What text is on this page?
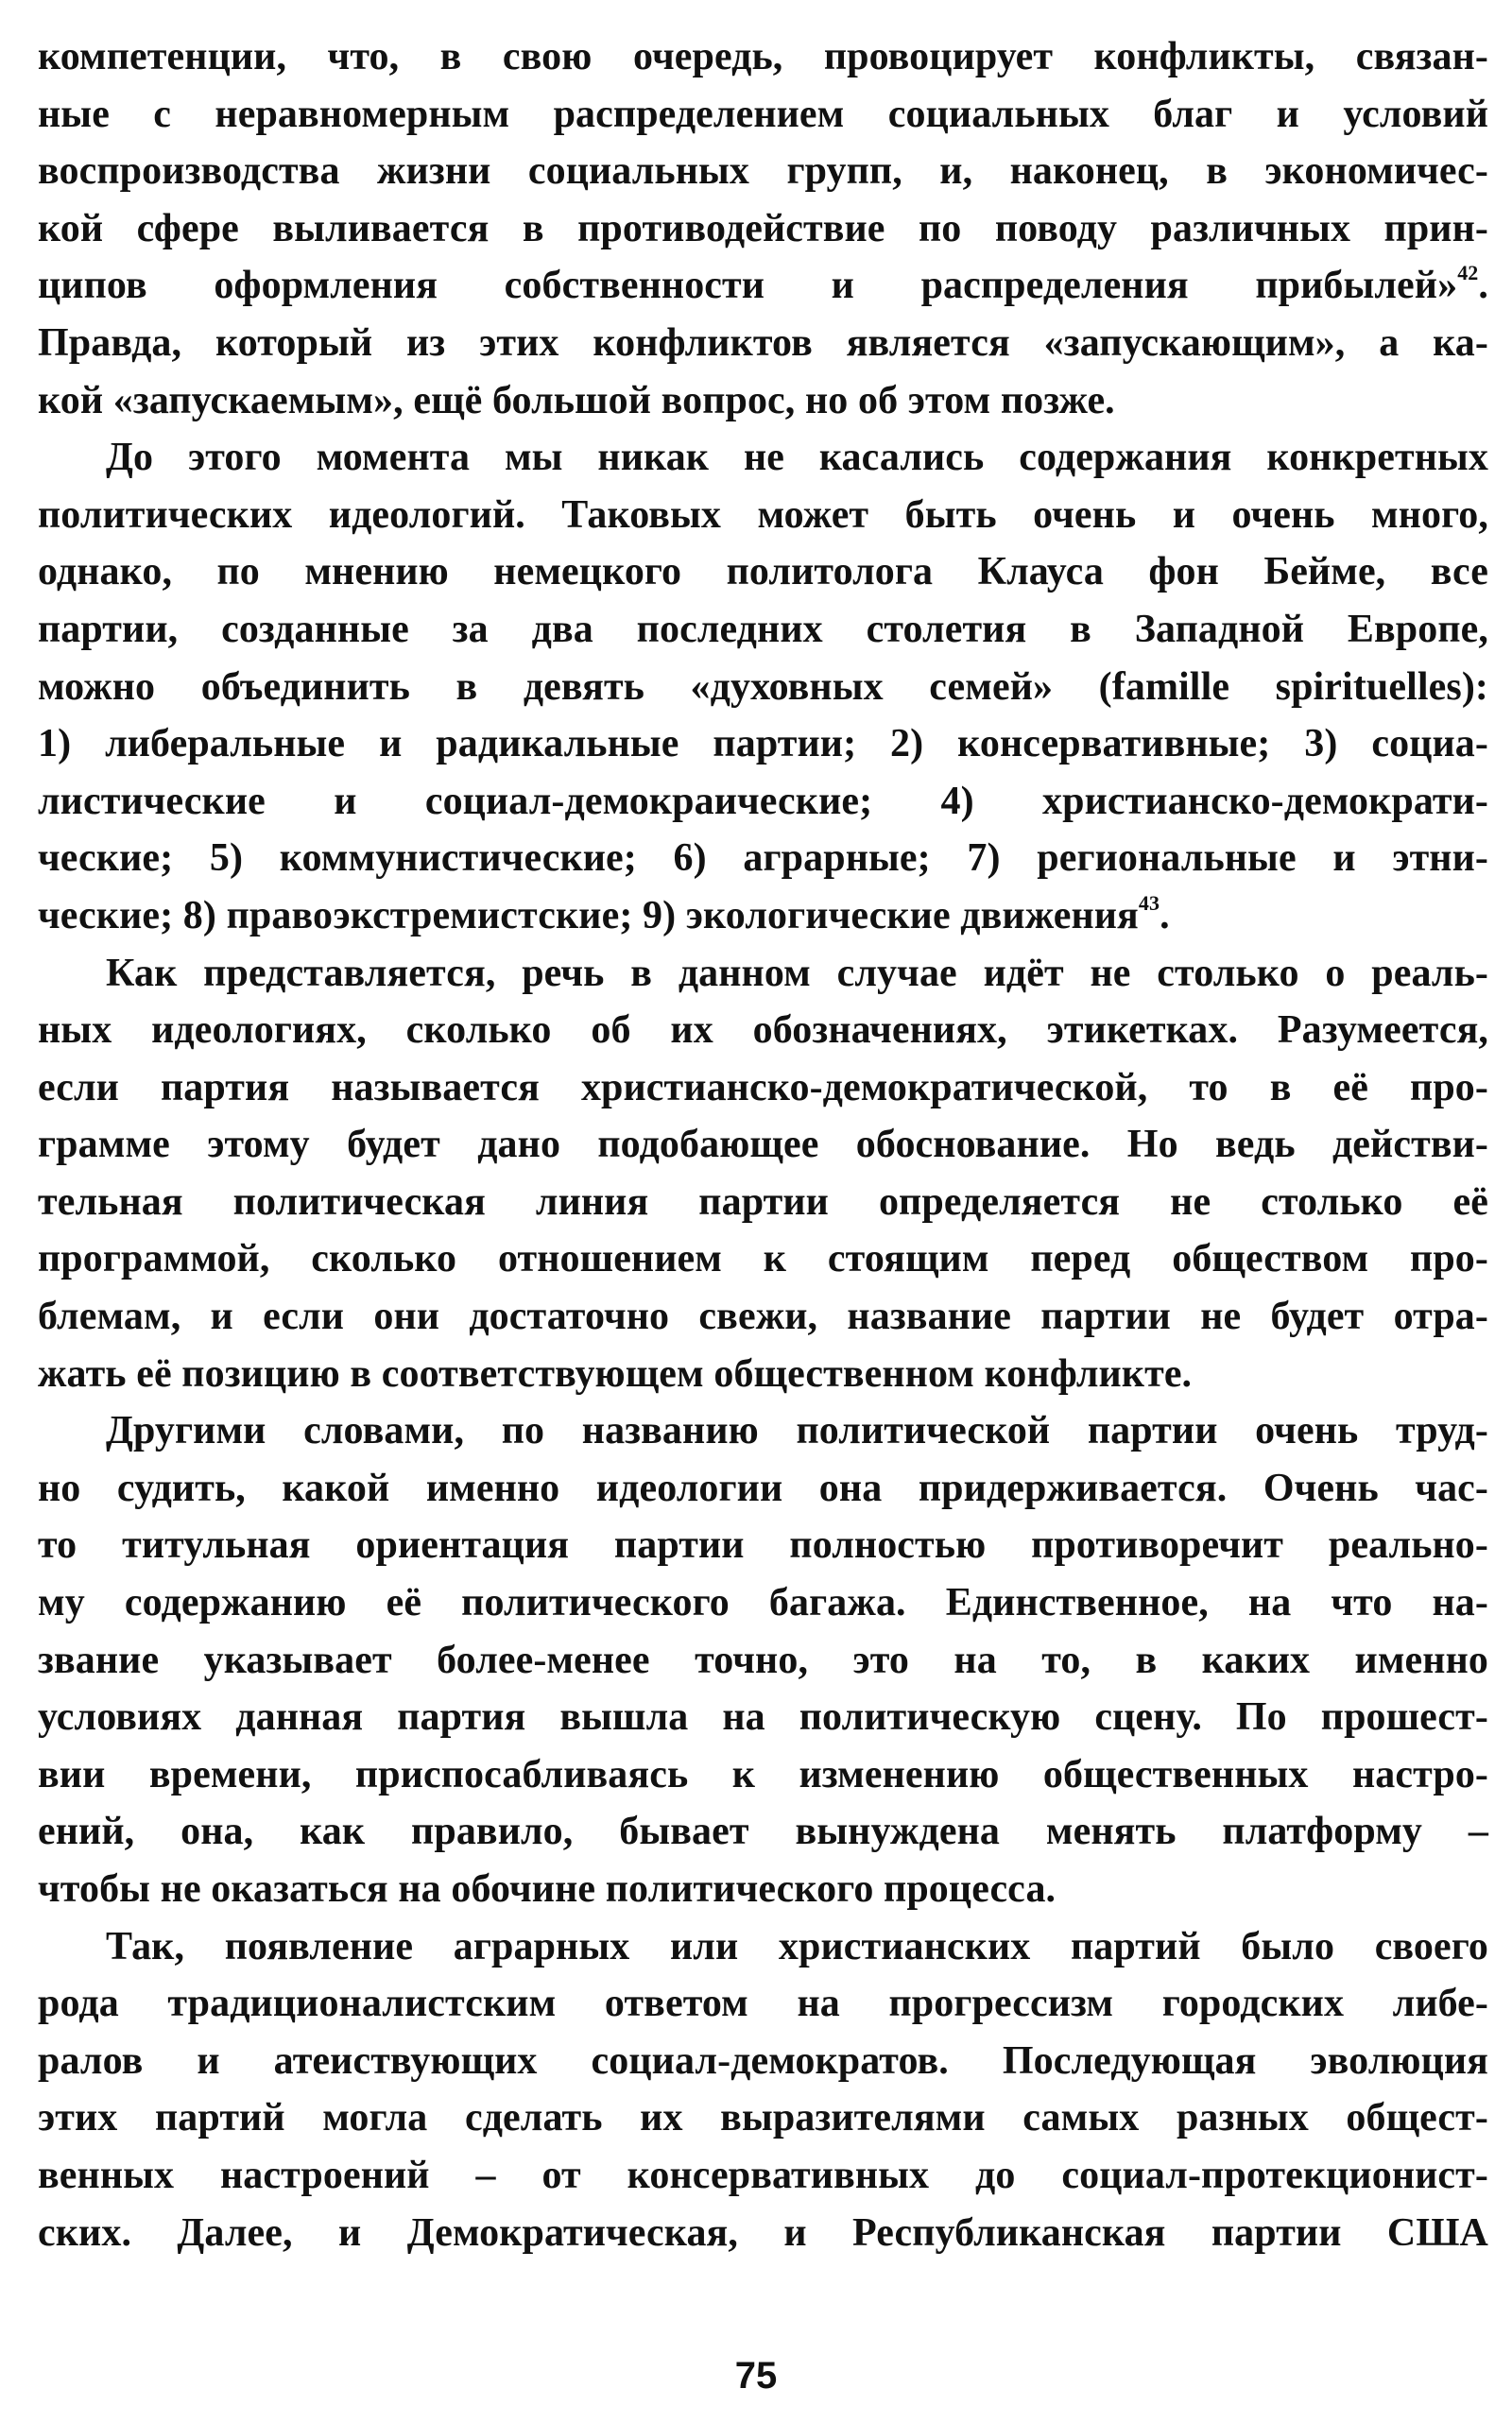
компетенции, что, в свою очередь, провоцирует конфликты, связан-
ные с неравномерным распределением социальных благ и условий
воспроизводства жизни социальных групп, и, наконец, в экономичес-
кой сфере выливается в противодействие по поводу различных прин-
ципов оформления собственности и распределения прибылей»$^{42}$.
Правда, который из этих конфликтов является «запускающим», а ка-
кой «запускаемым», ещё большой вопрос, но об этом позже.
До этого момента мы никак не касались содержания конкретных
политических идеологий. Таковых может быть очень и очень много,
однако, по мнению немецкого политолога Клауса фон Бейме, все
партии, созданные за два последних столетия в Западной Европе,
можно объединить в девять «духовных семей» (famille spirituelles):
1) либеральные и радикальные партии; 2) консервативные; 3) социа-
листические и социал-демокраические; 4) христианско-демократи-
ческие; 5) коммунистические; 6) аграрные; 7) региональные и этни-
ческие; 8) правоэкстремистские; 9) экологические движения$^{43}$.
Как представляется, речь в данном случае идёт не столько о реаль-
ных идеологиях, сколько об их обозначениях, этикетках. Разумеется,
если партия называется христианско-демократической, то в её про-
грамме этому будет дано подобающее обоснование. Но ведь действи-
тельная политическая линия партии определяется не столько её
программой, сколько отношением к стоящим перед обществом про-
блемам, и если они достаточно свежи, название партии не будет отра-
жать её позицию в соответствующем общественном конфликте.
Другими словами, по названию политической партии очень труд-
но судить, какой именно идеологии она придерживается. Очень час-
то титульная ориентация партии полностью противоречит реально-
му содержанию её политического багажа. Единственное, на что на-
звание указывает более-менее точно, это на то, в каких именно
условиях данная партия вышла на политическую сцену. По прошест-
вии времени, приспосабливаясь к изменению общественных настро-
ений, она, как правило, бывает вынуждена менять платформу –
чтобы не оказаться на обочине политического процесса.
Так, появление аграрных или христианских партий было своего
рода традиционалистским ответом на прогрессизм городских либе-
ралов и атеиствующих социал-демократов. Последующая эволюция
этих партий могла сделать их выразителями самых разных общест-
венных настроений – от консервативных до социал-протекционист-
ских. Далее, и Демократическая, и Республиканская партии США
75
